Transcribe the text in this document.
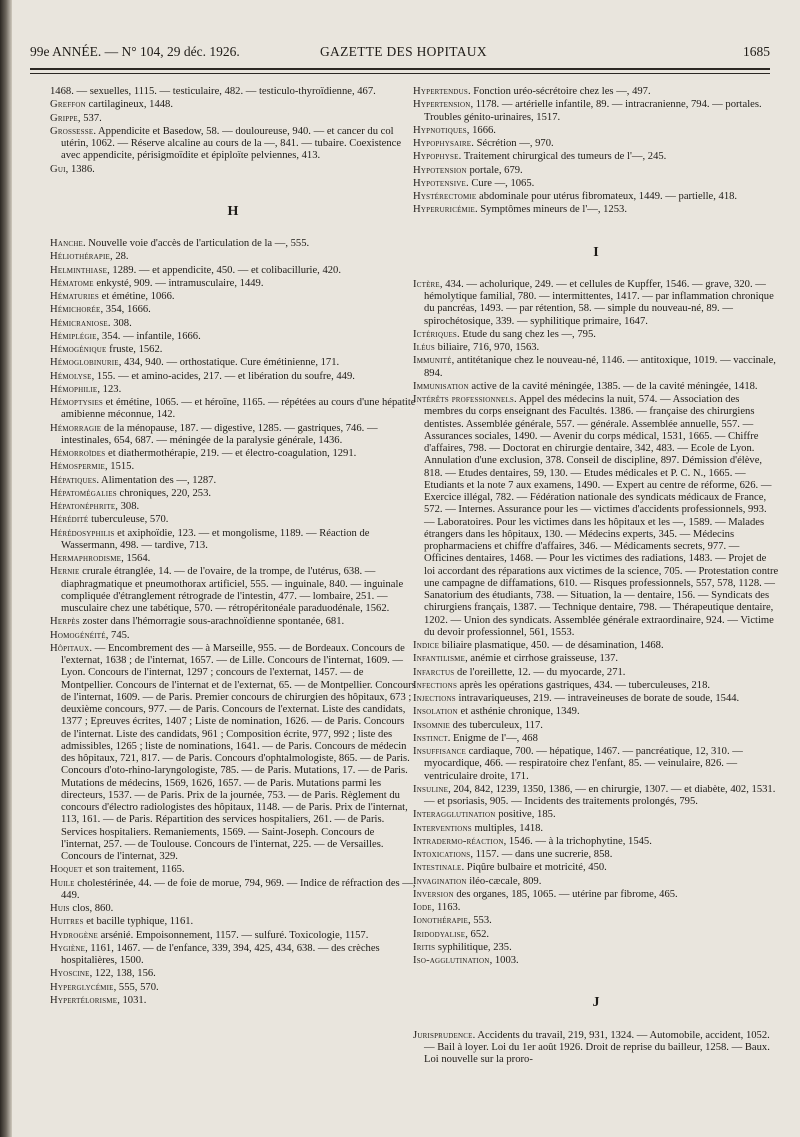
99e ANNÉE. — N° 104, 29 déc. 1926.	GAZETTE DES HOPITAUX	1685
1468. — sexuelles, 1115. — testiculaire, 482. — testiculo-thyroïdienne, 467.
Greffon cartilagineux, 1448.
Grippe, 537.
Grossesse. Appendicite et Basedow, 58. — douloureuse, 940. — et cancer du col utérin, 1062. — Réserve alcaline au cours de la —, 841. — tubaire. Coexistence avec appendicite, périsigmoïdite et épiploïte pelviennes, 413.
Gui, 1386.
H
Hanche. Nouvelle voie d'accès de l'articulation de la —, 555.
Héliothérapie, 28.
Helminthiase, 1289. — et appendicite, 450. — et colibacillurie, 420.
Hématome enkysté, 909. — intramusculaire, 1449.
Hématuries et émétine, 1066.
Hémichorée, 354, 1666.
Hémicraniose. 308.
Hémiplégie, 354. — infantile, 1666.
Hémogénique fruste, 1562.
Hémoglobinurie, 434, 940. — orthostatique. Cure émétinienne, 171.
Hémolyse, 155. — et amino-acides, 217. — et libération du soufre, 449.
Hémophilie, 123.
Hémoptysies et émétine, 1065. — et héroïne, 1165. — répétées au cours d'une hépatite amibienne méconnue, 142.
Hémorragie de la ménopause, 187. — digestive, 1285. — gastriques, 746. — intestinales, 654, 687. — méningée de la paralysie générale, 1436.
Hémorroïdes et diathermothérapie, 219. — et électro-coagulation, 1291.
Hémospermie, 1515.
Hépatiques. Alimentation des —, 1287.
Hépatomégalies chroniques, 220, 253.
Hépatonéphrite, 308.
Hérédité tuberculeuse, 570.
Hérédosyphilis et axiphoïdie, 123. — et mongolisme, 1189. — Réaction de Wassermann, 498. — tardive, 713.
Hermaphrodisme, 1564.
Hernie crurale étranglée, 14. — de l'ovaire, de la trompe, de l'utérus, 638. — diaphragmatique et pneumothorax artificiel, 555. — inguinale, 840. — inguinale compliquée d'étranglement rétrograde de l'intestin, 477. — lombaire, 251. — musculaire chez une tabétique, 570. — rétropéritonéale paraduodénale, 1562.
Herpès zoster dans l'hémorragie sous-arachnoïdienne spontanée, 681.
Homogénéité, 745.
Hôpitaux. — Encombrement des — à Marseille, 955. — de Bordeaux. Concours de l'externat, 1638 ; de l'internat, 1657. — de Lille. Concours de l'internat, 1609. — Lyon. Concours de l'internat, 1297 ; concours de l'externat, 1457. — de Montpellier. Concours de l'internat et de l'externat, 65. — de Montpellier. Concours de l'internat, 1609. — de Paris. Premier concours de chirurgien des hôpitaux, 673 ; deuxième concours, 977. — de Paris. Concours de l'externat. Liste des candidats, 1377 ; Epreuves écrites, 1407 ; Liste de nomination, 1626. — de Paris. Concours de l'internat. Liste des candidats, 961 ; Composition écrite, 977, 992 ; liste des admissibles, 1265 ; liste de nominations, 1641. — de Paris. Concours de médecin des hôpitaux, 721, 817. — de Paris. Concours d'ophtalmologiste, 865. — de Paris. Concours d'oto-rhino-laryngologiste, 785. — de Paris. Mutations, 17. — de Paris. Mutations de médecins, 1569, 1626, 1657. — de Paris. Mutations parmi les directeurs, 1537. — de Paris. Prix de la journée, 753. — de Paris. Règlement du concours d'électro radiologistes des hôpitaux, 1148. — de Paris. Prix de l'internat, 113, 161. — de Paris. Répartition des services hospitaliers, 261. — de Paris. Services hospitaliers. Remaniements, 1569. — Saint-Joseph. Concours de l'internat, 257. — de Toulouse. Concours de l'internat, 225. — de Versailles. Concours de l'internat, 329.
Hoquet et son traitement, 1165.
Huile cholestérinée, 44. — de foie de morue, 794, 969. — Indice de réfraction des —, 449.
Huis clos, 860.
Huitres et bacille typhique, 1161.
Hydrogène arsénié. Empoisonnement, 1157. — sulfuré. Toxicologie, 1157.
Hygiène, 1161, 1467. — de l'enfance, 339, 394, 425, 434, 638. — des crèches hospitalières, 1500.
Hyoscine, 122, 138, 156.
Hyperglycémie, 555, 570.
Hypertélorisme, 1031.
Hypertendus. Fonction uréo-sécrétoire chez les —, 497.
Hypertension, 1178. — artérielle infantile, 89. — intracranienne, 794. — portales. Troubles génito-urinaires, 1517.
Hypnotiques, 1666.
Hypophysaire. Sécrétion —, 970.
Hypophyse. Traitement chirurgical des tumeurs de l'—, 245.
Hypotension portale, 679.
Hypotensive. Cure —, 1065.
Hystérectomie abdominale pour utérus fibromateux, 1449. — partielle, 418.
Hyperuricémie. Symptômes mineurs de l'—, 1253.
I
Ictère, 434. — acholurique, 249. — et cellules de Kupffer, 1546. — grave, 320. — hémolytique familial, 780. — intermittentes, 1417. — par inflammation chronique du pancréas, 1493. — par rétention, 58. — simple du nouveau-né, 89. — spirochétosique, 339. — syphilitique primaire, 1647.
Ictériques. Etude du sang chez les —, 795.
Iléus biliaire, 716, 970, 1563.
Immunité, antitétanique chez le nouveau-né, 1146. — antitoxique, 1019. — vaccinale, 894.
Immunisation active de la cavité méningée, 1385. — de la cavité méningée, 1418.
Intérêts professionnels. Appel des médecins la nuit, 574. — Association des membres du corps enseignant des Facultés. 1386. — française des chirurgiens dentistes. Assemblée générale, 557. — générale. Assemblée annuelle, 557. — Assurances sociales, 1490. — Avenir du corps médical, 1531, 1665. — Chiffre d'affaires, 798. — Doctorat en chirurgie dentaire, 342, 483. — Ecole de Lyon. Annulation d'une exclusion, 378. Conseil de discipline, 897. Démission d'élève, 818. — Etudes dentaires, 59, 130. — Etudes médicales et P. C. N., 1665. — Etudiants et la note 7 aux examens, 1490. — Expert au centre de réforme, 626. — Exercice illégal, 782. — Fédération nationale des syndicats médicaux de France, 572. — Internes. Assurance pour les — victimes d'accidents professionnels, 993. — Laboratoires. Pour les victimes dans les hôpitaux et les —, 1589. — Malades étrangers dans les hôpitaux, 130. — Médecins experts, 345. — Médecins propharmaciens et chiffre d'affaires, 346. — Médicaments secrets, 977. — Officines dentaires, 1468. — Pour les victimes des radiations, 1483. — Projet de loi accordant des réparations aux victimes de la science, 705. — Protestation contre une campagne de diffamations, 610. — Risques professionnels, 557, 578, 1128. — Sanatorium des étudiants, 738. — Situation, la — dentaire, 156. — Syndicats des chirurgiens français, 1387. — Technique dentaire, 798. — Thérapeutique dentaire, 1202. — Union des syndicats. Assemblée générale extraordinaire, 924. — Victime du devoir professionnel, 561, 1553.
Indice biliaire plasmatique, 450. — de désamination, 1468.
Infantilisme, anémie et cirrhose graisseuse, 137.
Infarctus de l'oreillette, 12. — du myocarde, 271.
Infections après les opérations gastriques, 434. — tuberculeuses, 218.
Injections intravariqueuses, 219. — intraveineuses de borate de soude, 1544.
Insolation et asthénie chronique, 1349.
Insomnie des tuberculeux, 117.
Instinct. Enigme de l'—, 468
Insuffisance cardiaque, 700. — hépatique, 1467. — pancréatique, 12, 310. — myocardique, 466. — respiratoire chez l'enfant, 85. — veinulaire, 826. — ventriculaire droite, 171.
Insuline, 204, 842, 1239, 1350, 1386, — en chirurgie, 1307. — et diabète, 402, 1531. — et psoriasis, 905. — Incidents des traitements prolongés, 795.
Interagglutination positive, 185.
Interventions multiples, 1418.
Intradermo-réaction, 1546. — à la trichophytine, 1545.
Intoxications, 1157. — dans une sucrerie, 858.
Intestinale. Piqûre bulbaire et motricité, 450.
Invagination iléo-cæcale, 809.
Inversion des organes, 185, 1065. — utérine par fibrome, 465.
Iode, 1163.
Ionothérapie, 553.
Iridodyalise, 652.
Iritis syphilitique, 235.
Iso-agglutination, 1003.
J
Jurisprudence. Accidents du travail, 219, 931, 1324. — Automobile, accident, 1052. — Bail à loyer. Loi du 1er août 1926. Droit de reprise du bailleur, 1258. — Baux. Loi nouvelle sur la proro-
